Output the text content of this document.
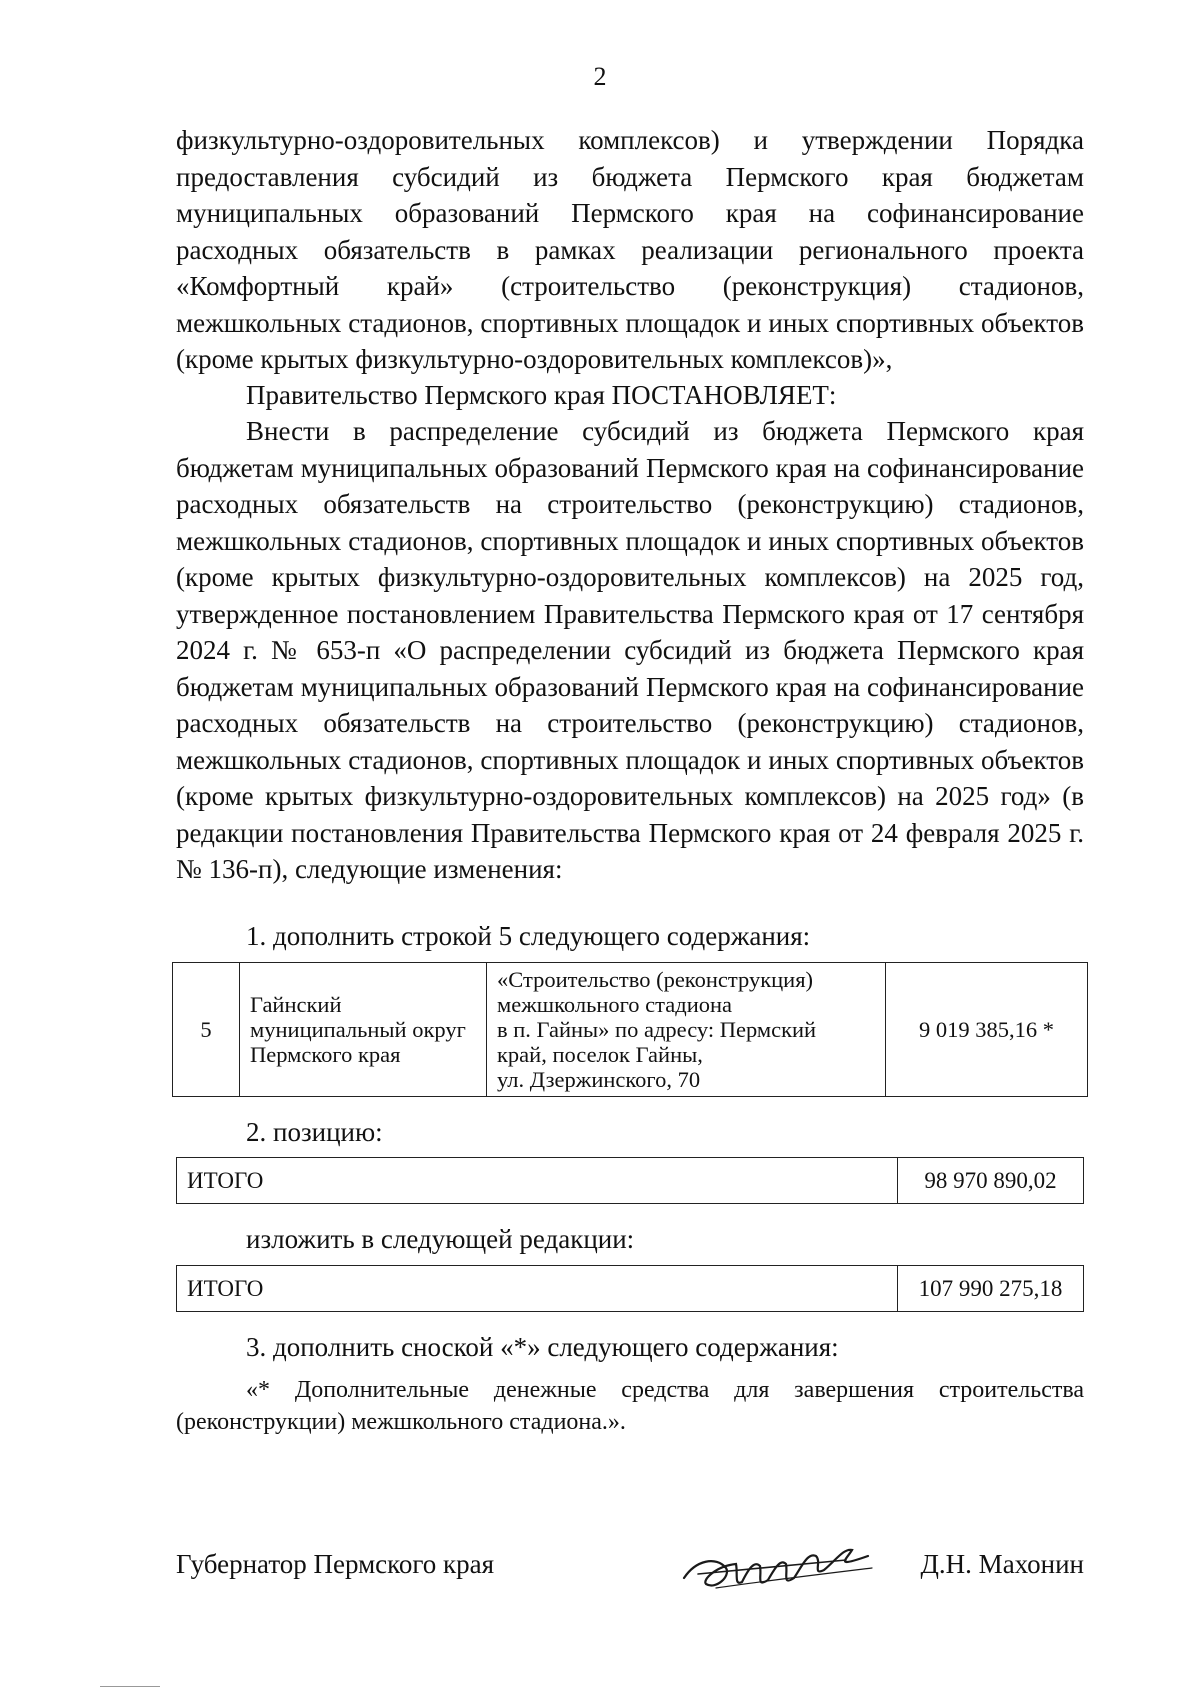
2

физкультурно-оздоровительных комплексов) и утверждении Порядка предоставления субсидий из бюджета Пермского края бюджетам муниципальных образований Пермского края на софинансирование расходных обязательств в рамках реализации регионального проекта «Комфортный край» (строительство (реконструкция) стадионов, межшкольных стадионов, спортивных площадок и иных спортивных объектов (кроме крытых физкультурно-оздоровительных комплексов)»,

Правительство Пермского края ПОСТАНОВЛЯЕТ:

Внести в распределение субсидий из бюджета Пермского края бюджетам муниципальных образований Пермского края на софинансирование расходных обязательств на строительство (реконструкцию) стадионов, межшкольных стадионов, спортивных площадок и иных спортивных объектов (кроме крытых физкультурно-оздоровительных комплексов) на 2025 год, утвержденное постановлением Правительства Пермского края от 17 сентября 2024 г. № 653-п «О распределении субсидий из бюджета Пермского края бюджетам муниципальных образований Пермского края на софинансирование расходных обязательств на строительство (реконструкцию) стадионов, межшкольных стадионов, спортивных площадок и иных спортивных объектов (кроме крытых физкультурно-оздоровительных комплексов) на 2025 год» (в редакции постановления Правительства Пермского края от 24 февраля 2025 г. № 136-п), следующие изменения:

1. дополнить строкой 5 следующего содержания:

5	Гайнский
муниципальный округ
Пермского края	«Строительство (реконструкция)
межшкольного стадиона
в п. Гайны» по адресу: Пермский
край, поселок Гайны,
ул. Дзержинского, 70	9 019 385,16 *

2. позицию:

ИТОГО	98 970 890,02

изложить в следующей редакции:

ИТОГО	107 990 275,18

3. дополнить сноской «*» следующего содержания:

«* Дополнительные денежные средства для завершения строительства (реконструкции) межшкольного стадиона.».

Губернатор Пермского края	Д.Н. Махонин
